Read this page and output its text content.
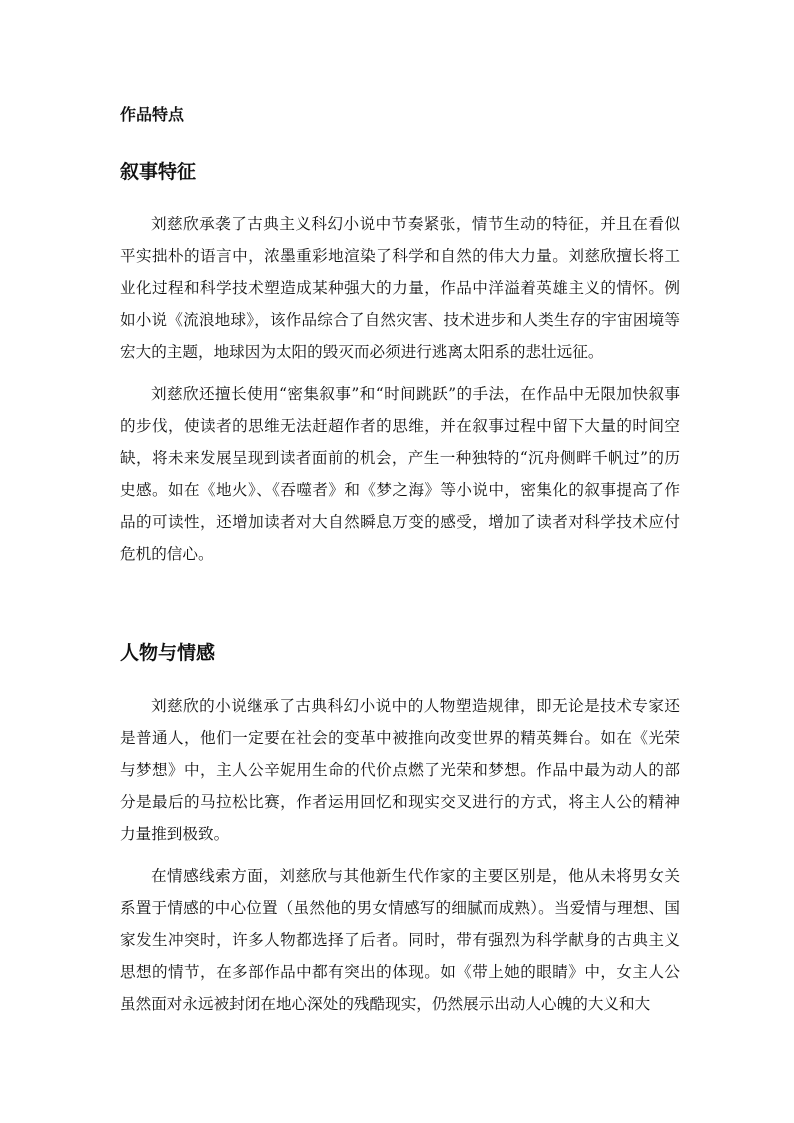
作品特点
叙事特征

刘慈欣承袭了古典主义科幻小说中节奏紧张，情节生动的特征，并且在看似平实拙朴的语言中，浓墨重彩地渲染了科学和自然的伟大力量。刘慈欣擅长将工业化过程和科学技术塑造成某种强大的力量，作品中洋溢着英雄主义的情怀。例如小说《流浪地球》，该作品综合了自然灾害、技术进步和人类生存的宇宙困境等宏大的主题，地球因为太阳的毁灭而必须进行逃离太阳系的悲壮远征。

刘慈欣还擅长使用“密集叙事”和“时间跳跃”的手法，在作品中无限加快叙事的步伐，使读者的思维无法赶超作者的思维，并在叙事过程中留下大量的时间空缺，将未来发展呈现到读者面前的机会，产生一种独特的“沉舟侧畔千帆过”的历史感。如在《地火》、《吞噬者》和《梦之海》等小说中，密集化的叙事提高了作品的可读性，还增加读者对大自然瞬息万变的感受，增加了读者对科学技术应付危机的信心。

人物与情感

刘慈欣的小说继承了古典科幻小说中的人物塑造规律，即无论是技术专家还是普通人，他们一定要在社会的变革中被推向改变世界的精英舞台。如在《光荣与梦想》中，主人公辛妮用生命的代价点燃了光荣和梦想。作品中最为动人的部分是最后的马拉松比赛，作者运用回忆和现实交叉进行的方式，将主人公的精神力量推到极致。

在情感线索方面，刘慈欣与其他新生代作家的主要区别是，他从未将男女关系置于情感的中心位置（虽然他的男女情感写的细腻而成熟）。当爱情与理想、国家发生冲突时，许多人物都选择了后者。同时，带有强烈为科学献身的古典主义思想的情节，在多部作品中都有突出的体现。如《带上她的眼睛》中，女主人公虽然面对永远被封闭在地心深处的残酷现实，仍然展示出动人心魄的大义和大
